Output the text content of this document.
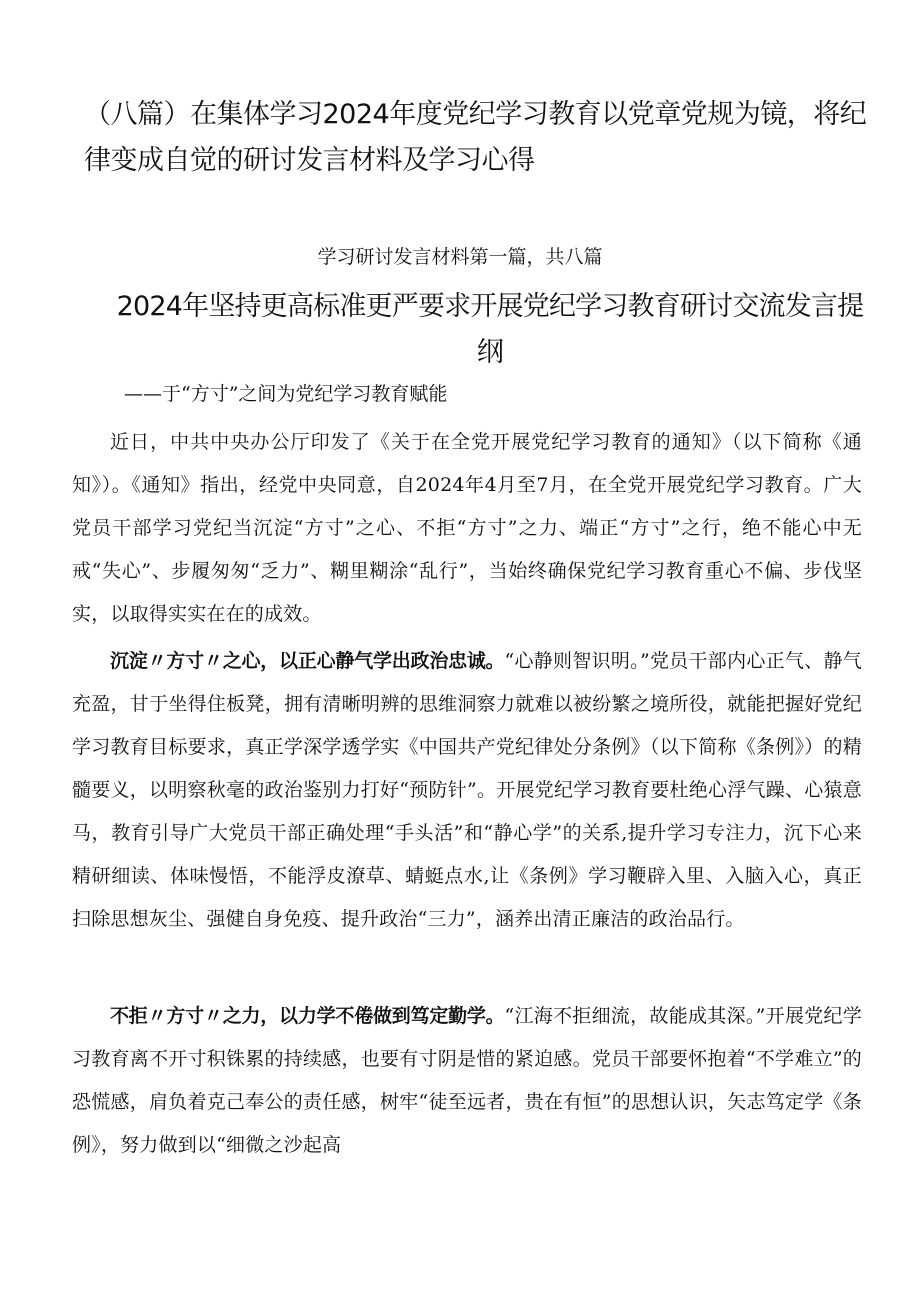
（八篇）在集体学习2024年度党纪学习教育以党章党规为镜，将纪律变成自觉的研讨发言材料及学习心得
学习研讨发言材料第一篇，共八篇
2024年坚持更高标准更严要求开展党纪学习教育研讨交流发言提纲
——于“方寸”之间为党纪学习教育赋能

近日，中共中央办公厅印发了《关于在全党开展党纪学习教育的通知》（以下简称《通知》）。《通知》指出，经党中央同意，自2024年4月至7月，在全党开展党纪学习教育。广大党员干部学习党纪当沉淀“方寸”之心、不拒“方寸”之力、端正“方寸”之行，绝不能心中无戒“失心”、步履匆匆“乏力”、糊里糊涂“乱行”，当始终确保党纪学习教育重心不偏、步伐坚实，以取得实实在在的成效。

沉淀〃方寸〃之心，以正心静气学出政治忠诚。“心静则智识明。”党员干部内心正气、静气充盈，甘于坐得住板凳，拥有清晰明辨的思维洞察力就难以被纷繁之境所役，就能把握好党纪学习教育目标要求，真正学深学透学实《中国共产党纪律处分条例》（以下简称《条例》）的精髓要义，以明察秋毫的政治鉴别力打好“预防针”。开展党纪学习教育要杜绝心浮气躁、心猿意马，教育引导广大党员干部正确处理“手头活”和“静心学”的关系,提升学习专注力，沉下心来精研细读、体味慢悟，不能浮皮潦草、蜻蜓点水,让《条例》学习鞭辟入里、入脑入心，真正扫除思想灰尘、强健自身免疫、提升政治“三力”，涵养出清正廉洁的政治品行。

不拒〃方寸〃之力，以力学不倦做到笃定勤学。“江海不拒细流，故能成其深。”开展党纪学习教育离不开寸积铢累的持续感，也要有寸阴是惜的紧迫感。党员干部要怀抱着“不学难立”的恐慌感，肩负着克己奉公的责任感，树牢“徒至远者，贵在有恒”的思想认识，矢志笃定学《条例》，努力做到以“细微之沙起高
